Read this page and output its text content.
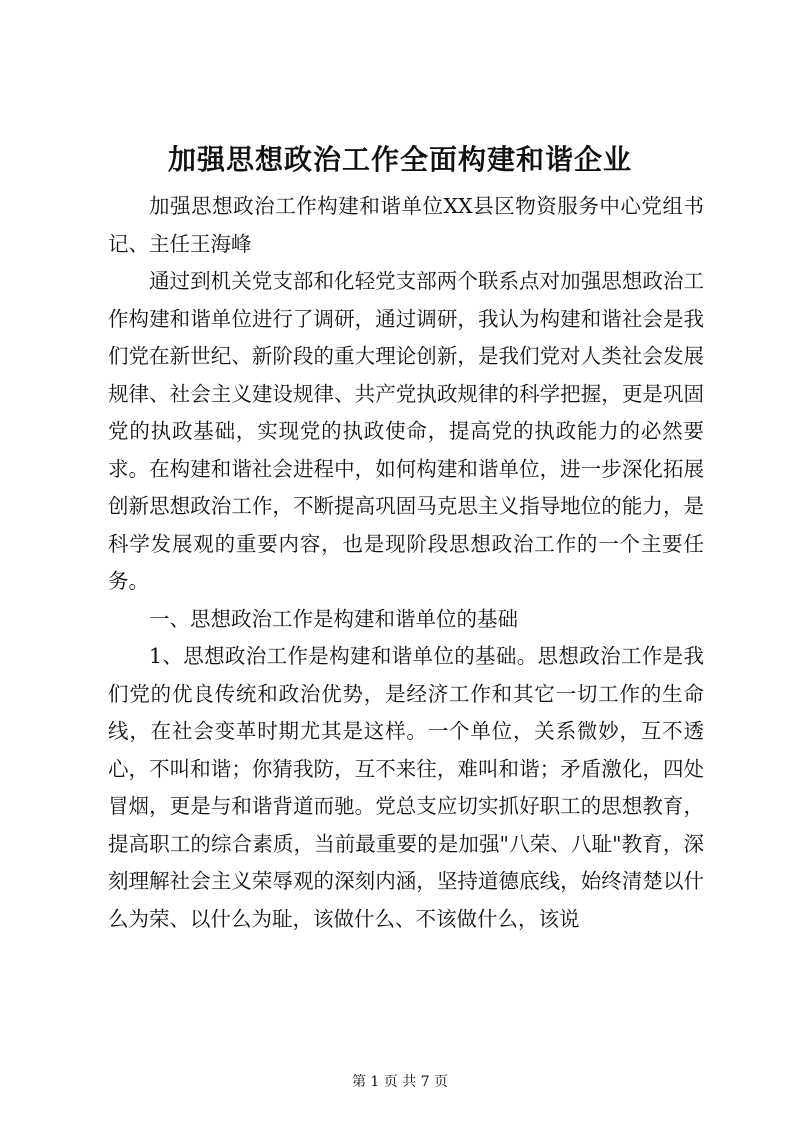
加强思想政治工作全面构建和谐企业

加强思想政治工作构建和谐单位XX县区物资服务中心党组书记、主任王海峰

通过到机关党支部和化轻党支部两个联系点对加强思想政治工作构建和谐单位进行了调研，通过调研，我认为构建和谐社会是我们党在新世纪、新阶段的重大理论创新，是我们党对人类社会发展规律、社会主义建设规律、共产党执政规律的科学把握，更是巩固党的执政基础，实现党的执政使命，提高党的执政能力的必然要求。在构建和谐社会进程中，如何构建和谐单位，进一步深化拓展创新思想政治工作，不断提高巩固马克思主义指导地位的能力，是科学发展观的重要内容，也是现阶段思想政治工作的一个主要任务。

一、思想政治工作是构建和谐单位的基础

1、思想政治工作是构建和谐单位的基础。思想政治工作是我们党的优良传统和政治优势，是经济工作和其它一切工作的生命线，在社会变革时期尤其是这样。一个单位，关系微妙，互不透心，不叫和谐；你猜我防，互不来往，难叫和谐；矛盾激化，四处冒烟，更是与和谐背道而驰。党总支应切实抓好职工的思想教育，提高职工的综合素质，当前最重要的是加强"八荣、八耻"教育，深刻理解社会主义荣辱观的深刻内涵，坚持道德底线，始终清楚以什么为荣、以什么为耻，该做什么、不该做什么，该说

第 1 页 共 7 页
